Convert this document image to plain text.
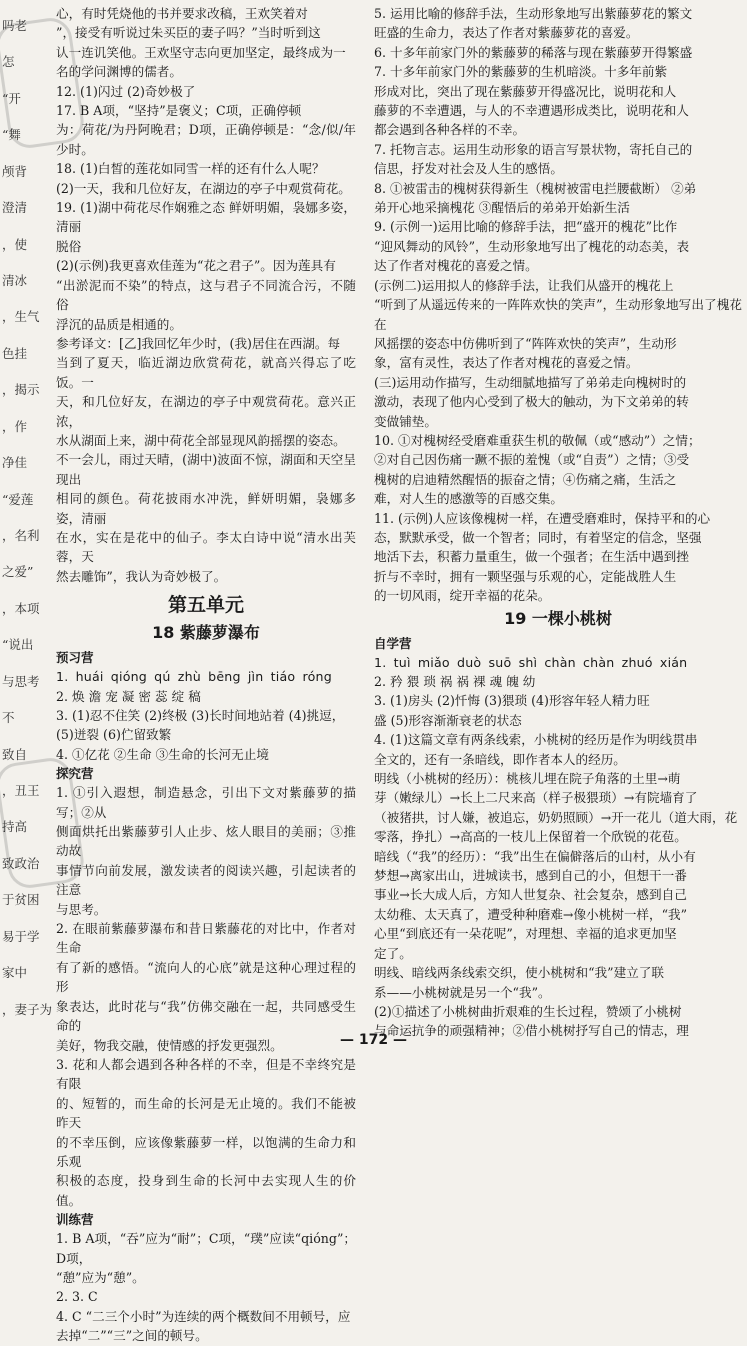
吗老
怎
“开
“舞
颅背
澄清
，使
清冰
，生气
色挂
，揭示
，作
净佳
“爱莲
，名利
之爱”
，本项
“说出
与思考
不
致自
，丑王
持高
致政治
于贫困
易于学
家中
，妻子为

心，有时凭烧他的书并要求改稿，王欢笑着对

”，接受有听说过朱买臣的妻子吗？”当时听到这

认一连讥笑他。王欢坚守志向更加坚定，最终成为一

名的学问渊博的儒者。

12. (1)闪过 (2)奇妙极了

17. B A项，“坚持”是褒义；C项，正确停顿

为：荷花/为丹阿晚君；D项，正确停顿是：“念/似/年少时。

18. (1)白皙的莲花如同雪一样的还有什么人呢？

(2)一天，我和几位好友，在湖边的亭子中观赏荷花。

19. (1)湖中荷花尽作娴雅之态 鲜妍明媚，袅娜多姿，清丽

脱俗

(2)(示例)我更喜欢佳莲为“花之君子”。因为莲具有

“出淤泥而不染”的特点，这与君子不同流合污，不随俗

浮沉的品质是相通的。

参考译文：[乙]我回忆年少时，(我)居住在西湖。每

当到了夏天，临近湖边欣赏荷花，就高兴得忘了吃饭。一

天，和几位好友，在湖边的亭子中观赏荷花。意兴正浓，

水从湖面上来，湖中荷花全部显现风韵摇摆的姿态。

不一会儿，雨过天晴，(湖中)波面不惊，湖面和天空呈现出

相同的颜色。荷花披雨水冲洗，鲜妍明媚，袅娜多姿，清丽

在水，实在是花中的仙子。李太白诗中说“清水出芙蓉，天

然去雕饰”，我认为奇妙极了。

第五单元
18 紫藤萝瀑布
预习营

1. huái qióng qú zhù bēng jìn tiáo róng

2. 焕 澹 宠 凝 密 蕊 绽 稿

3. (1)忍不住笑 (2)终极 (3)长时间地站着 (4)挑逗，

(5)迸裂 (6)伫留致繁

4. ①亿花 ②生命 ③生命的长河无止境

探究营

1. ①引入遐想，制造悬念，引出下文对紫藤萝的描写；②从

侧面烘托出紫藤萝引人止步、炫人眼目的美丽；③推动故

事情节向前发展，激发读者的阅读兴趣，引起读者的注意

与思考。

2. 在眼前紫藤萝瀑布和昔日紫藤花的对比中，作者对生命

有了新的感悟。“流向人的心底”就是这种心理过程的形

象表达，此时花与“我”仿佛交融在一起，共同感受生命的

美好，物我交融，使情感的抒发更强烈。

3. 花和人都会遇到各种各样的不幸，但是不幸终究是有限

的、短暂的，而生命的长河是无止境的。我们不能被昨天

的不幸压倒，应该像紫藤萝一样，以饱满的生命力和乐观

积极的态度，投身到生命的长河中去实现人生的价值。

训练营

1. B A项，“吞”应为“耐”；C项，“璞”应读“qióng”；D项，

“憩”应为“憩”。

2. 3. C

4. C “二三个小时”为连续的两个概数间不用顿号，应

去掉“二”“三”之间的顿号。

5. 运用比喻的修辞手法，生动形象地写出紫藤萝花的繁文

旺盛的生命力，表达了作者对紫藤萝花的喜爱。

6. 十多年前家门外的紫藤萝的稀落与现在紫藤萝开得繁盛

7. 十多年前家门外的紫藤萝的生机暗淡。十多年前紫

形成对比，突出了现在紫藤萝开得盛况比，说明花和人

藤萝的不幸遭遇，与人的不幸遭遇形成类比，说明花和人

都会遇到各种各样的不幸。

7. 托物言志。运用生动形象的语言写景状物，寄托自己的

信思，抒发对社会及人生的感悟。

8. ①被雷击的槐树获得新生（槐树被雷电拦腰截断） ②弟

弟开心地采摘槐花 ③醒悟后的弟弟开始新生活

9. (示例一)运用比喻的修辞手法，把“盛开的槐花”比作

“迎风舞动的风铃”，生动形象地写出了槐花的动态美，表

达了作者对槐花的喜爱之情。

(示例二)运用拟人的修辞手法，让我们从盛开的槐花上

“听到了从遥远传来的一阵阵欢快的笑声”，生动形象地写出了槐花在

风摇摆的姿态中仿佛听到了“阵阵欢快的笑声”，生动形

象，富有灵性，表达了作者对槐花的喜爱之情。

(三)运用动作描写，生动细腻地描写了弟弟走向槐树时的

激动，表现了他内心受到了极大的触动，为下文弟弟的转

变做铺垫。

10. ①对槐树经受磨难重获生机的敬佩（或“感动”）之情；

②对自己因伤痛一蹶不振的羞愧（或“自责”）之情；③受

槐树的启迪精然醒悟的振奋之情；④伤痛之痛，生活之

难，对人生的感激等的百感交集。

11. (示例)人应该像槐树一样，在遭受磨难时，保持平和的心

态，默默承受，做一个智者；同时，有着坚定的信念，坚强

地活下去，积蓄力量重生，做一个强者；在生活中遇到挫

折与不幸时，拥有一颗坚强与乐观的心，定能战胜人生

的一切风雨，绽开幸福的花朵。

19 一棵小桃树
自学营

1. tuì miǎo duò suō shì chàn chàn zhuó xián

2. 矜 猥 琐 祸 祸 裸 魂 魄 幼

3. (1)房头 (2)忏悔 (3)猥琐 (4)形容年轻人精力旺

盛 (5)形容渐渐衰老的状态

4. (1)这篇文章有两条线索，小桃树的经历是作为明线贯串

全文的，还有一条暗线，即作者本人的经历。

明线（小桃树的经历）：桃核儿埋在院子角落的土里→萌

芽（嫩绿儿）→长上二尺来高（样子极猥琐）→有院墙育了

（被猪拱，讨人嫌，被追忘，奶奶照顾）→开一花儿（道大雨，花

零落，挣扎）→高高的一枝儿上保留着一个欣锐的花苞。

暗线（“我”的经历）：“我”出生在偏僻落后的山村，从小有

梦想→离家出山，进城读书，感到自己的小，但想干一番

事业→长大成人后，方知人世复杂、社会复杂，感到自己

太幼稚、太天真了，遭受种种磨难→像小桃树一样，“我”

心里“到底还有一朵花呢”，对理想、幸福的追求更加坚

定了。

明线、暗线两条线索交织，使小桃树和“我”建立了联

系——小桃树就是另一个“我”。

(2)①描述了小桃树曲折艰难的生长过程，赞颂了小桃树

与命运抗争的顽强精神；②借小桃树抒写自己的情志，理

— 172 —
